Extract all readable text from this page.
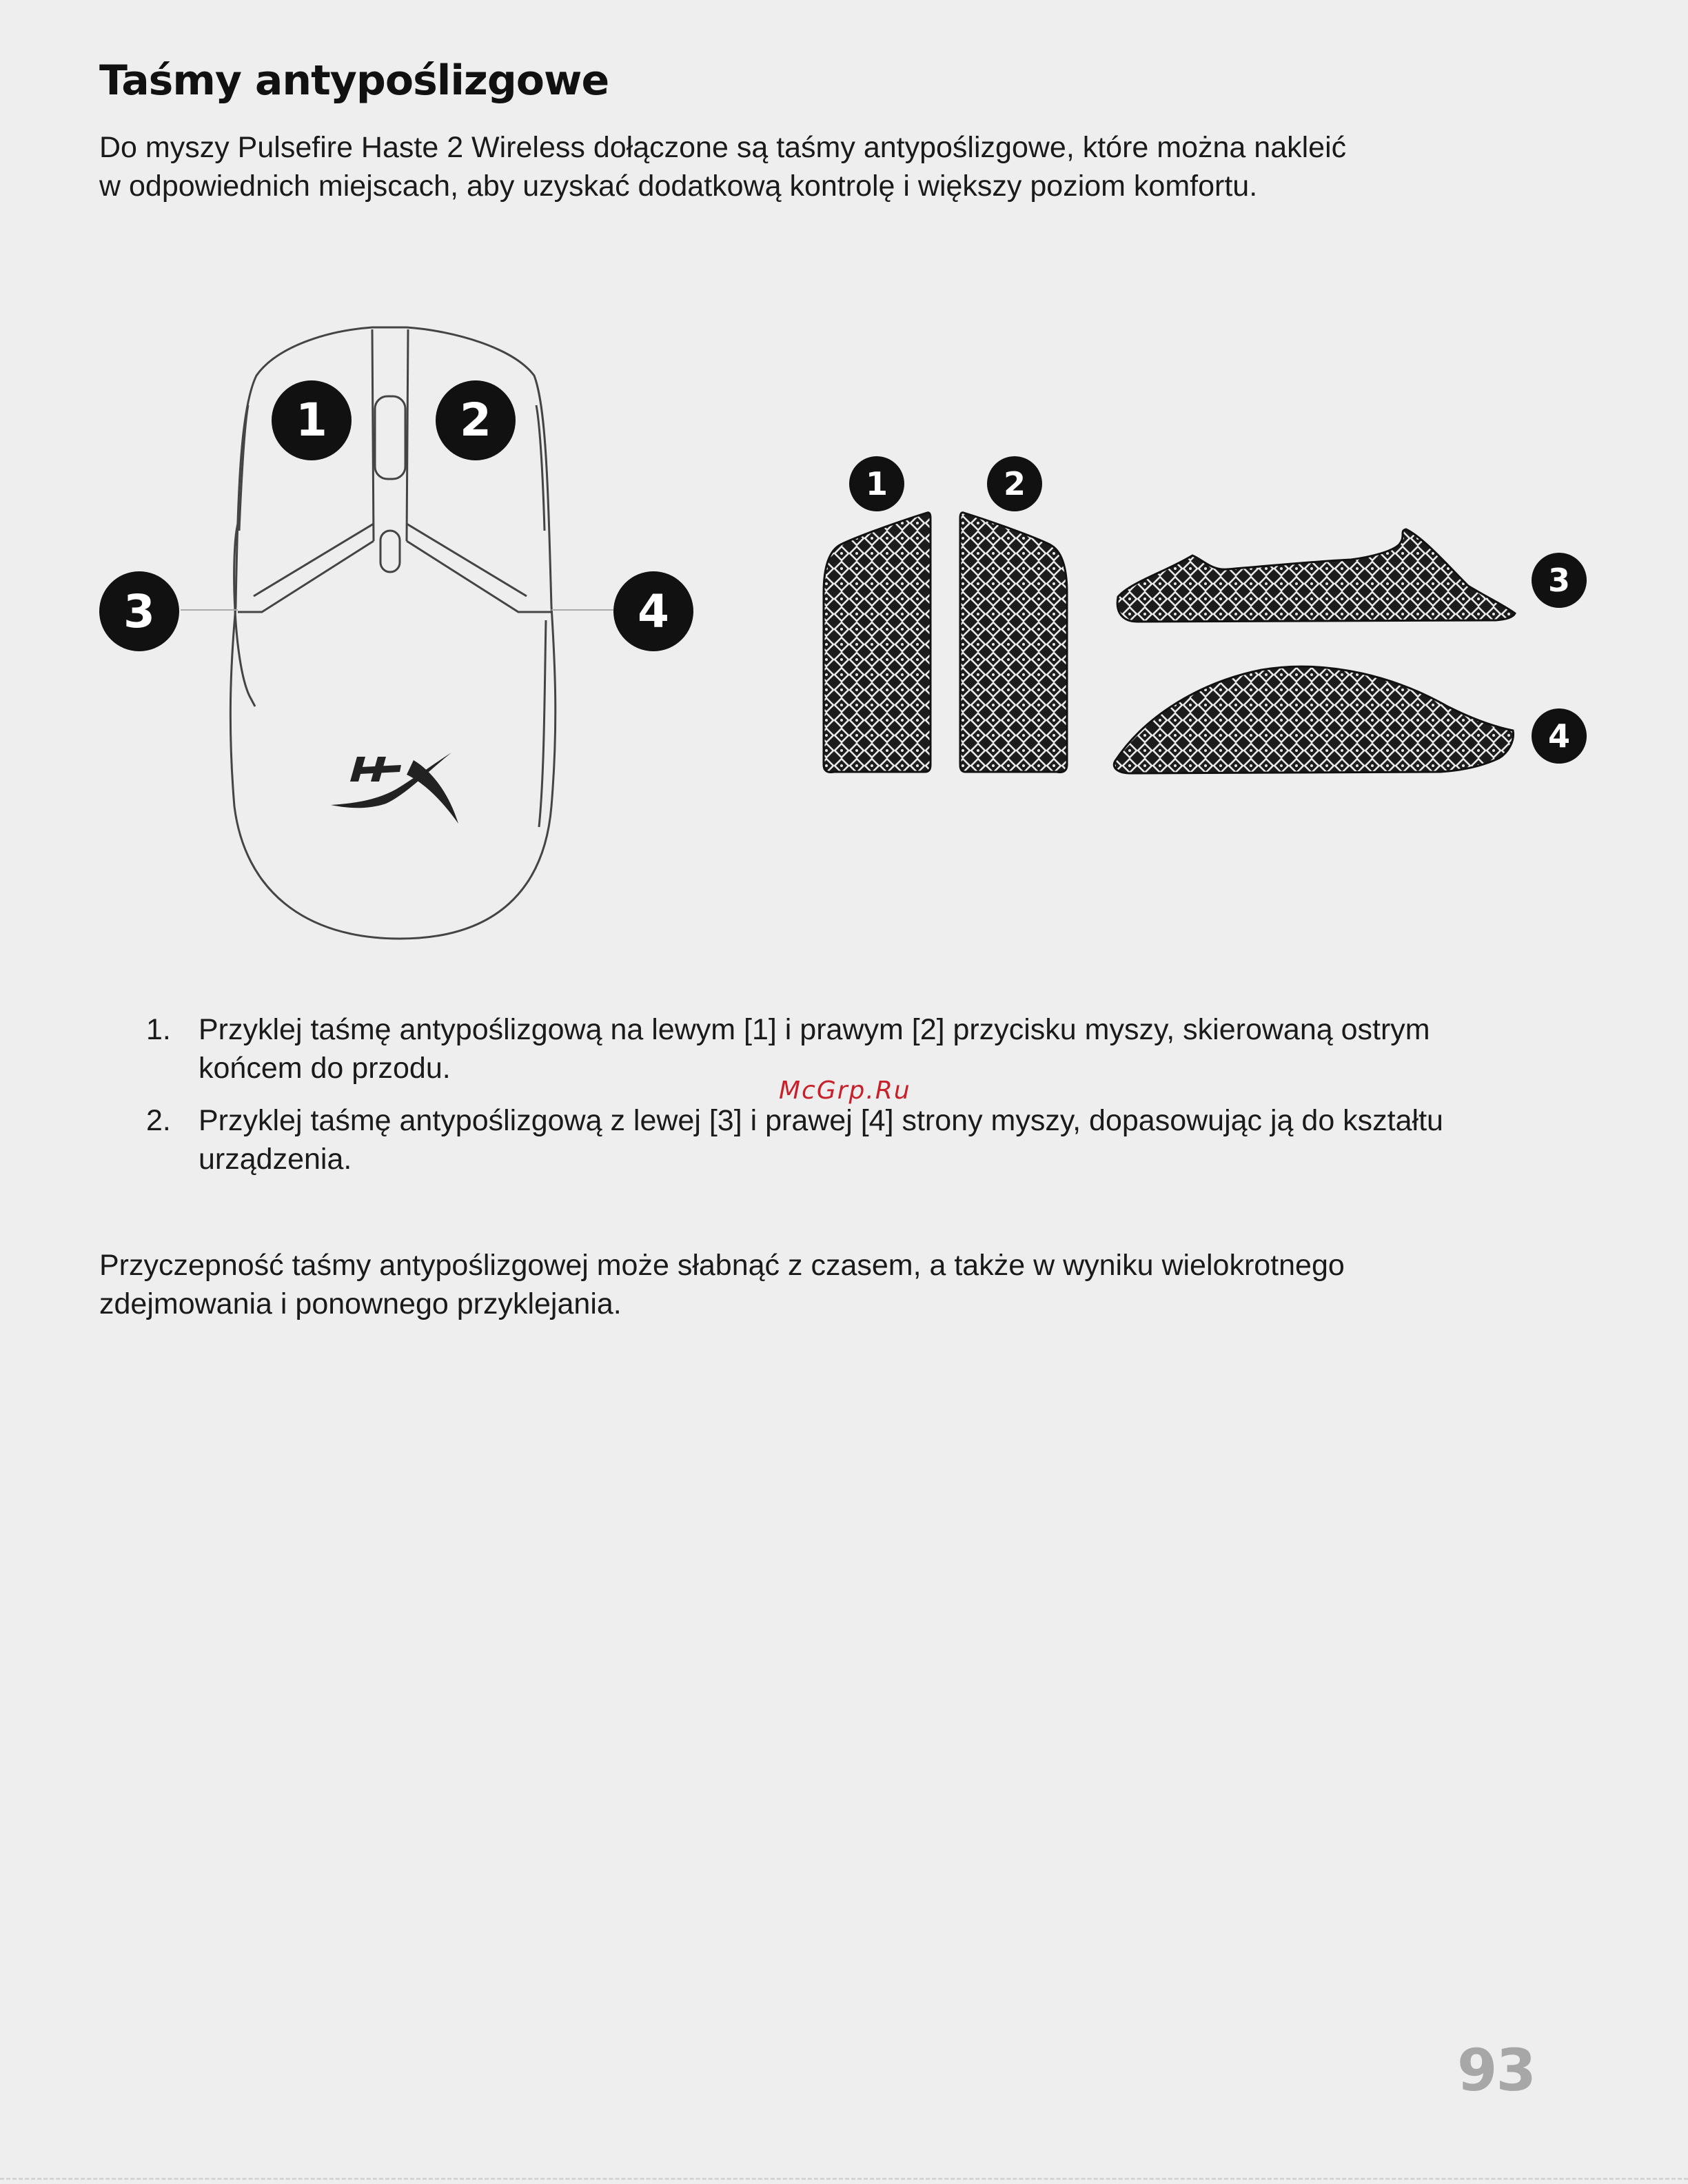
Taśmy antypoślizgowe

Do myszy Pulsefire Haste 2 Wireless dołączone są taśmy antypoślizgowe, które można nakleić
w odpowiednich miejscach, aby uzyskać dodatkową kontrolę i większy poziom komfortu.

1	2
3	4
1	2
3
4
1. Przyklej taśmę antypoślizgową na lewym [1] i prawym [2] przycisku myszy, skierowaną ostrym
końcem do przodu.
2. Przyklej taśmę antypoślizgową z lewej [3] i prawej [4] strony myszy, dopasowując ją do kształtu
urządzenia.
McGrp.Ru

Przyczepność taśmy antypoślizgowej może słabnąć z czasem, a także w wyniku wielokrotnego
zdejmowania i ponownego przyklejania.

93
